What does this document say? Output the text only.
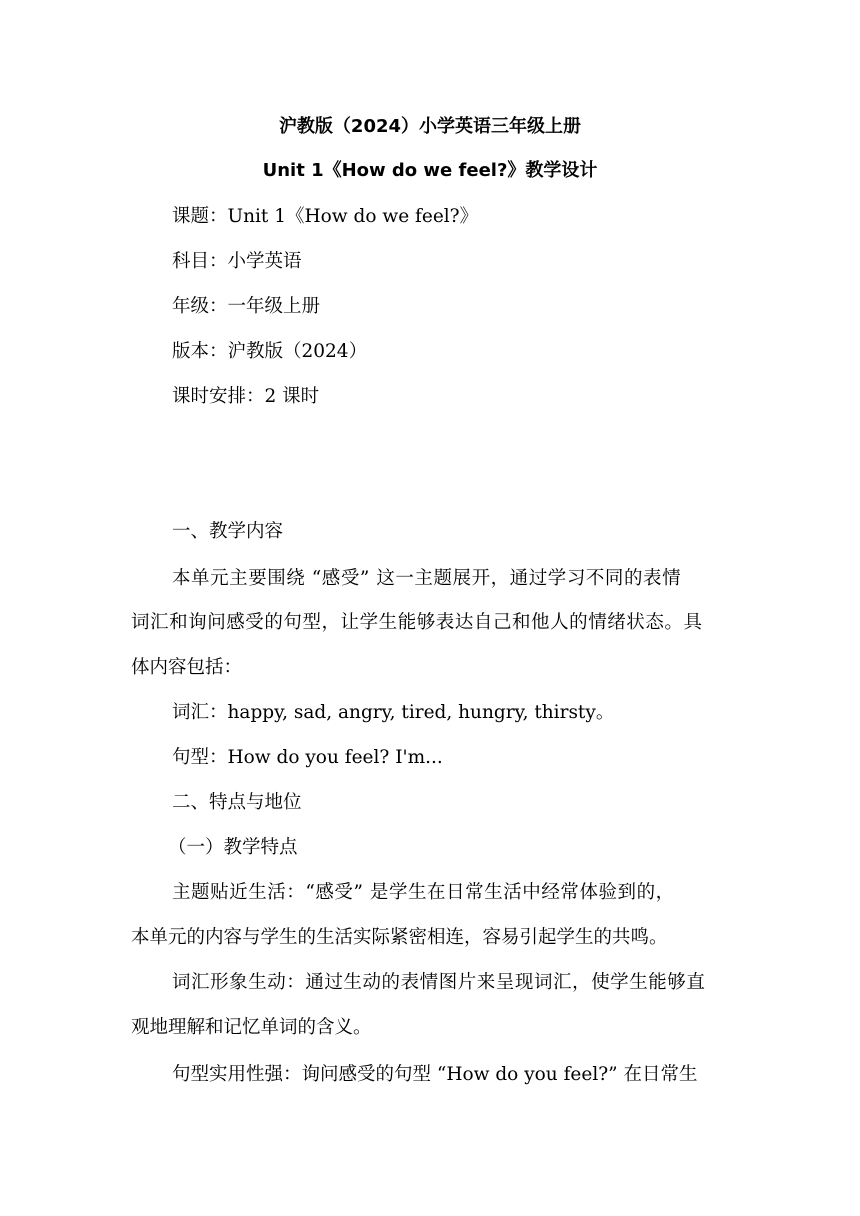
沪教版（2024）小学英语三年级上册
Unit 1《How do we feel?》教学设计
课题：Unit 1《How do we feel?》
科目：小学英语
年级：一年级上册
版本：沪教版（2024）
课时安排：2 课时
一、教学内容
本单元主要围绕 “感受” 这一主题展开，通过学习不同的表情
词汇和询问感受的句型，让学生能够表达自己和他人的情绪状态。具
体内容包括：
词汇：happy, sad, angry, tired, hungry, thirsty。
句型：How do you feel? I'm...
二、特点与地位
（一）教学特点
主题贴近生活：“感受” 是学生在日常生活中经常体验到的，
本单元的内容与学生的生活实际紧密相连，容易引起学生的共鸣。
词汇形象生动：通过生动的表情图片来呈现词汇，使学生能够直
观地理解和记忆单词的含义。
句型实用性强：询问感受的句型 “How do you feel?” 在日常生
